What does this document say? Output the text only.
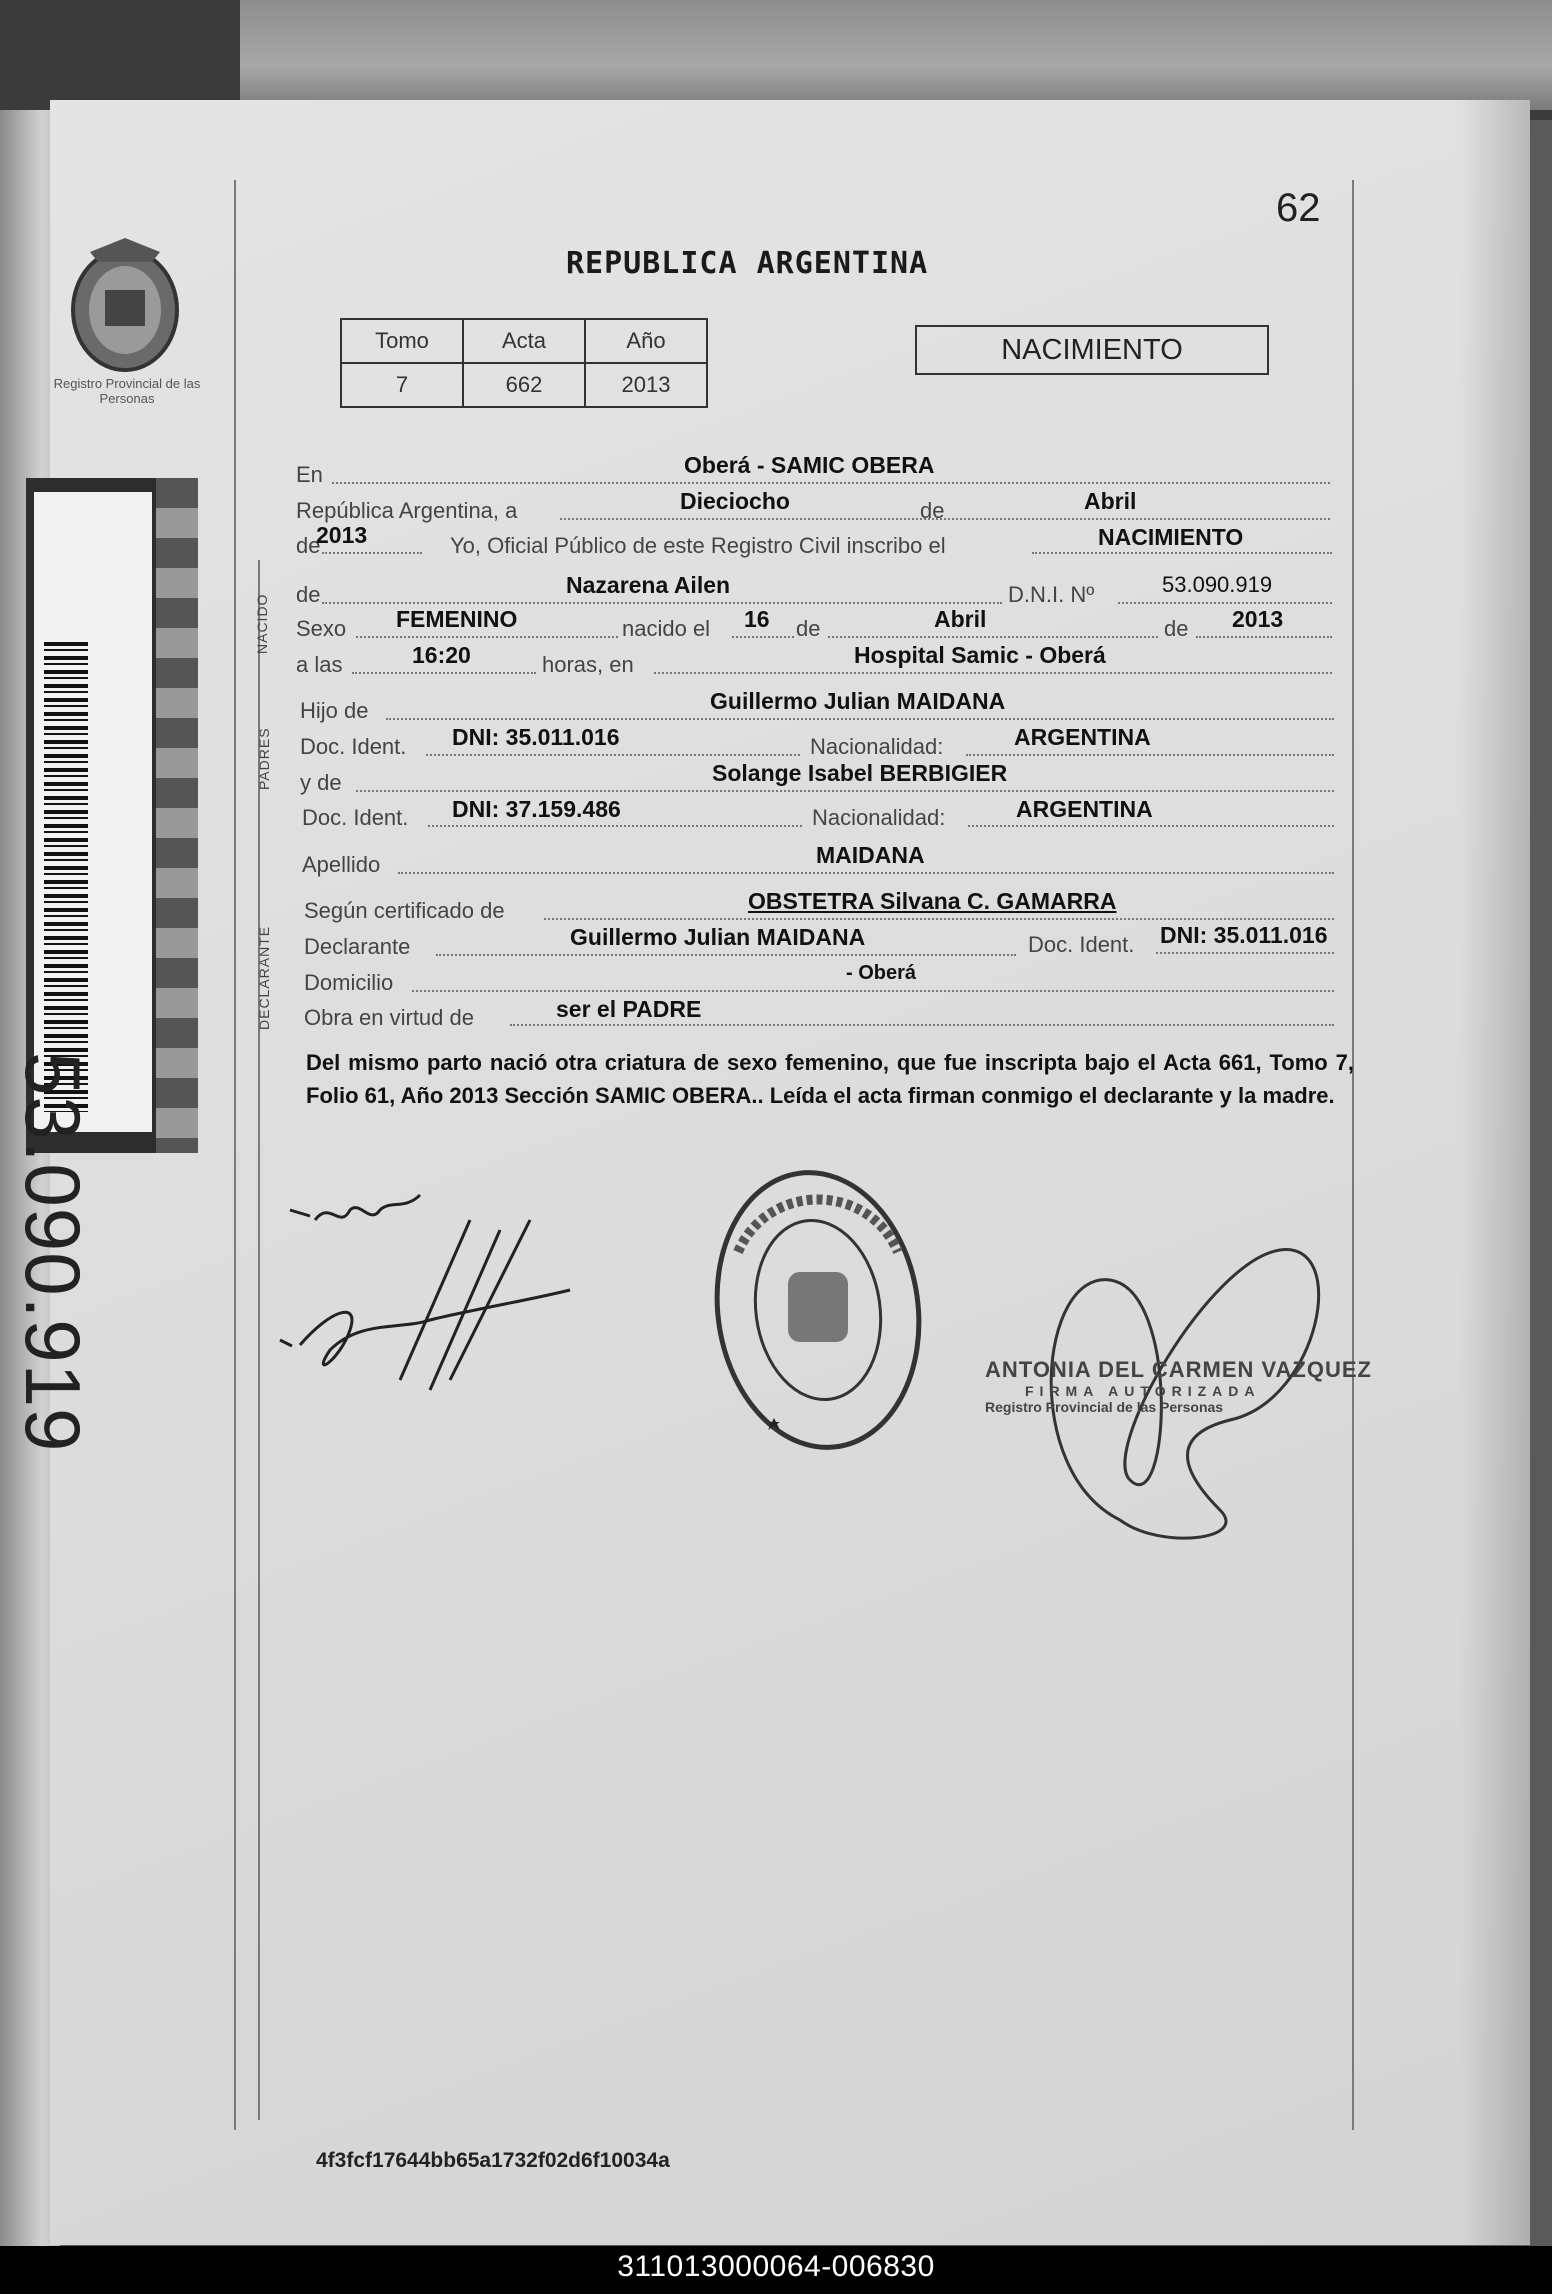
Registro Provincial de las Personas
53.090.919
62
REPUBLICA ARGENTINA
Tomo	Acta	Año
7	662	2013
NACIMIENTO
NACIDO
PADRES
DECLARANTE
En	Oberá - SAMIC OBERA
República Argentina, a	Dieciocho	de	Abril
de
2013	Yo, Oficial Público de este Registro Civil inscribo el	NACIMIENTO
de	Nazarena Ailen	D.N.I. Nº	53.090.919
Sexo FEMENINO	nacido el 16 de	Abril	de 2013
a las	16:20	horas, en	Hospital Samic - Oberá
Hijo de	Guillermo Julian MAIDANA
Doc. Ident. DNI: 35.011.016	Nacionalidad:	ARGENTINA
y de	Solange Isabel BERBIGIER
Doc. Ident. DNI: 37.159.486	Nacionalidad:	ARGENTINA
Apellido	MAIDANA
Según certificado de	OBSTETRA Silvana C. GAMARRA
Declarante	Guillermo Julian MAIDANA	Doc. Ident. DNI: 35.011.016
Domicilio	- Oberá
Obra en virtud de	ser el PADRE
Del mismo parto nació otra criatura de sexo femenino, que fue inscripta bajo el Acta 661, Tomo 7, Folio 61, Año 2013 Sección SAMIC OBERA.. Leída el acta firman conmigo el declarante y la madre.
ANTONIA DEL CARMEN VAZQUEZ
FIRMA AUTORIZADA
Registro Provincial de las Personas
4f3fcf17644bb65a1732f02d6f10034a
311013000064-006830
